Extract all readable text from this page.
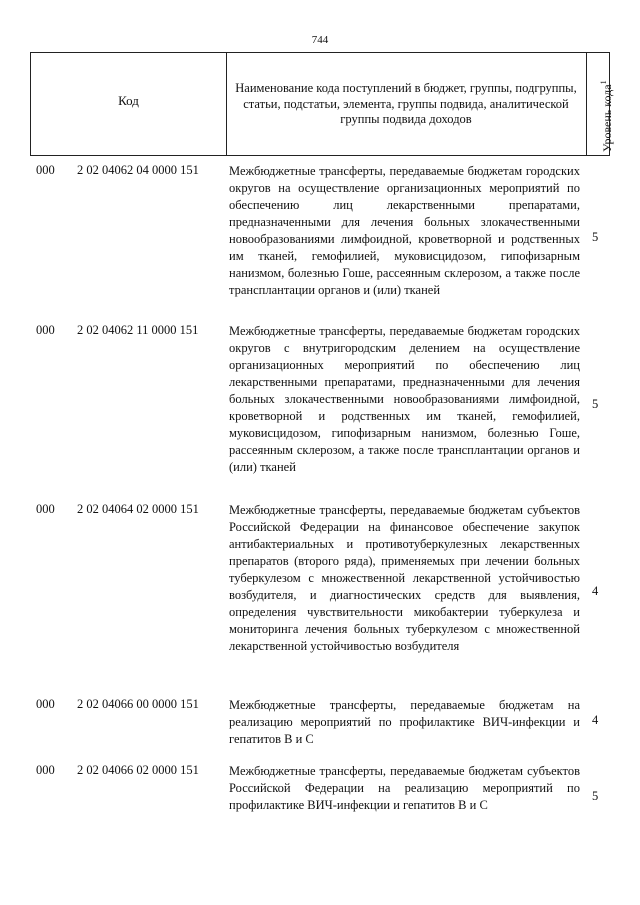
744
Код
Наименование кода поступлений в бюджет, группы, подгруппы, статьи, подстатьи, элемента, группы подвида, аналитической группы подвида доходов	Уровень кода$^1$
000 2 02 04062 04 0000 151 Межбюджетные трансферты, передаваемые бюджетам городских округов на осуществление организационных мероприятий по обеспечению лиц лекарственными препаратами, предназначенными для лечения больных злокачественными новообразованиями лимфоидной, кроветворной и родственных им тканей, гемофилией, муковисцидозом, гипофизарным нанизмом, болезнью Гоше, рассеянным склерозом, а также после трансплантации органов и (или) тканей
5
000 2 02 04062 11 0000 151 Межбюджетные трансферты, передаваемые бюджетам городских округов с внутригородским делением на осуществление организационных мероприятий по обеспечению лиц лекарственными препаратами, предназначенными для лечения больных злокачественными новообразованиями лимфоидной, кроветворной и родственных им тканей, гемофилией, муковисцидозом, гипофизарным нанизмом, болезнью Гоше, рассеянным склерозом, а также после трансплантации органов и (или) тканей
5
000 2 02 04064 02 0000 151 Межбюджетные трансферты, передаваемые бюджетам субъектов Российской Федерации на финансовое обеспечение закупок антибактериальных и противотуберкулезных лекарственных препаратов (второго ряда), применяемых при лечении больных туберкулезом с множественной лекарственной устойчивостью возбудителя, и диагностических средств для выявления, определения чувствительности микобактерии туберкулеза и мониторинга лечения больных туберкулезом с множественной лекарственной устойчивостью возбудителя
4
000 2 02 04066 00 0000 151 Межбюджетные трансферты, передаваемые бюджетам на реализацию мероприятий по профилактике ВИЧ-инфекции и гепатитов В и С
4
000 2 02 04066 02 0000 151 Межбюджетные трансферты, передаваемые бюджетам субъектов Российской Федерации на реализацию мероприятий по профилактике ВИЧ-инфекции и гепатитов В и С
5
